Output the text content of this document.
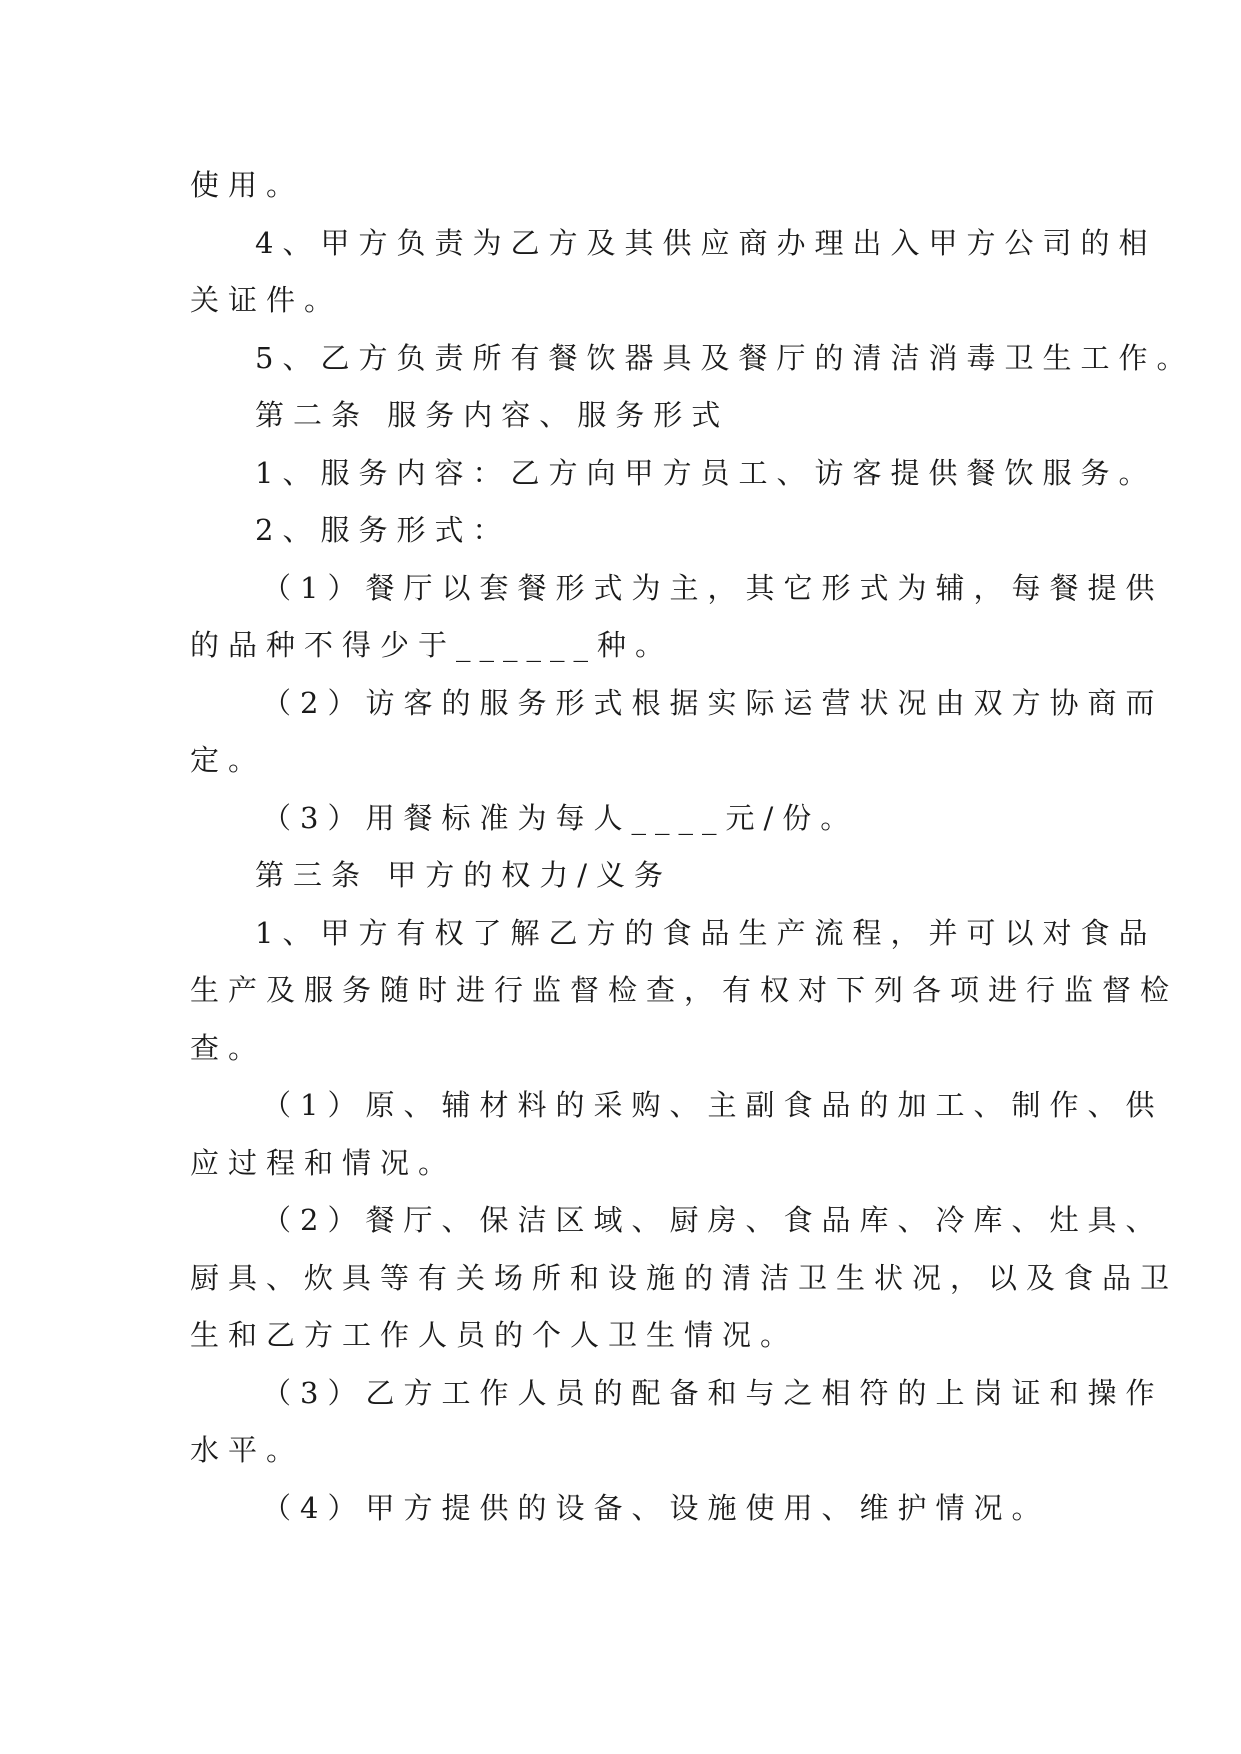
使用。
4、甲方负责为乙方及其供应商办理出入甲方公司的相
关证件。
5、乙方负责所有餐饮器具及餐厅的清洁消毒卫生工作。
第二条 服务内容、服务形式
1、服务内容：乙方向甲方员工、访客提供餐饮服务。
2、服务形式：
（1）餐厅以套餐形式为主，其它形式为辅，每餐提供
的品种不得少于______种。
（2）访客的服务形式根据实际运营状况由双方协商而
定。
（3）用餐标准为每人____元/份。
第三条 甲方的权力/义务
1、甲方有权了解乙方的食品生产流程，并可以对食品
生产及服务随时进行监督检查，有权对下列各项进行监督检
查。
（1）原、辅材料的采购、主副食品的加工、制作、供
应过程和情况。
（2）餐厅、保洁区域、厨房、食品库、冷库、灶具、
厨具、炊具等有关场所和设施的清洁卫生状况，以及食品卫
生和乙方工作人员的个人卫生情况。
（3）乙方工作人员的配备和与之相符的上岗证和操作
水平。
（4）甲方提供的设备、设施使用、维护情况。
